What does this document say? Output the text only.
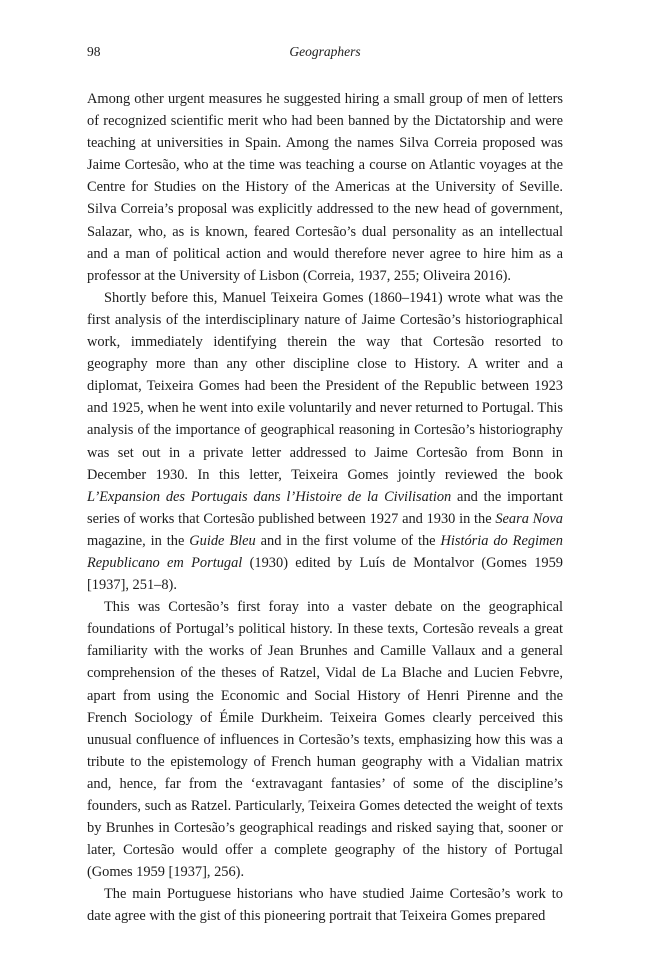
98	Geographers

Among other urgent measures he suggested hiring a small group of men of letters of recognized scientific merit who had been banned by the Dictatorship and were teaching at universities in Spain. Among the names Silva Correia proposed was Jaime Cortesão, who at the time was teaching a course on Atlantic voyages at the Centre for Studies on the History of the Americas at the University of Seville. Silva Correia’s proposal was explicitly addressed to the new head of government, Salazar, who, as is known, feared Cortesão’s dual personality as an intellectual and a man of political action and would therefore never agree to hire him as a professor at the University of Lisbon (Correia, 1937, 255; Oliveira 2016).

Shortly before this, Manuel Teixeira Gomes (1860–1941) wrote what was the first analysis of the interdisciplinary nature of Jaime Cortesão’s historiographical work, immediately identifying therein the way that Cortesão resorted to geography more than any other discipline close to History. A writer and a diplomat, Teixeira Gomes had been the President of the Republic between 1923 and 1925, when he went into exile voluntarily and never returned to Portugal. This analysis of the importance of geographical reasoning in Cortesão’s historiography was set out in a private letter addressed to Jaime Cortesão from Bonn in December 1930. In this letter, Teixeira Gomes jointly reviewed the book L’Expansion des Portugais dans l’Histoire de la Civilisation and the important series of works that Cortesão published between 1927 and 1930 in the Seara Nova magazine, in the Guide Bleu and in the first volume of the História do Regimen Republicano em Portugal (1930) edited by Luís de Montalvor (Gomes 1959 [1937], 251–8).

This was Cortesão’s first foray into a vaster debate on the geographical foundations of Portugal’s political history. In these texts, Cortesão reveals a great familiarity with the works of Jean Brunhes and Camille Vallaux and a general comprehension of the theses of Ratzel, Vidal de La Blache and Lucien Febvre, apart from using the Economic and Social History of Henri Pirenne and the French Sociology of Émile Durkheim. Teixeira Gomes clearly perceived this unusual confluence of influences in Cortesão’s texts, emphasizing how this was a tribute to the epistemology of French human geography with a Vidalian matrix and, hence, far from the ‘extravagant fantasies’ of some of the discipline’s founders, such as Ratzel. Particularly, Teixeira Gomes detected the weight of texts by Brunhes in Cortesão’s geographical readings and risked saying that, sooner or later, Cortesão would offer a complete geography of the history of Portugal (Gomes 1959 [1937], 256).

The main Portuguese historians who have studied Jaime Cortesão’s work to date agree with the gist of this pioneering portrait that Teixeira Gomes prepared
